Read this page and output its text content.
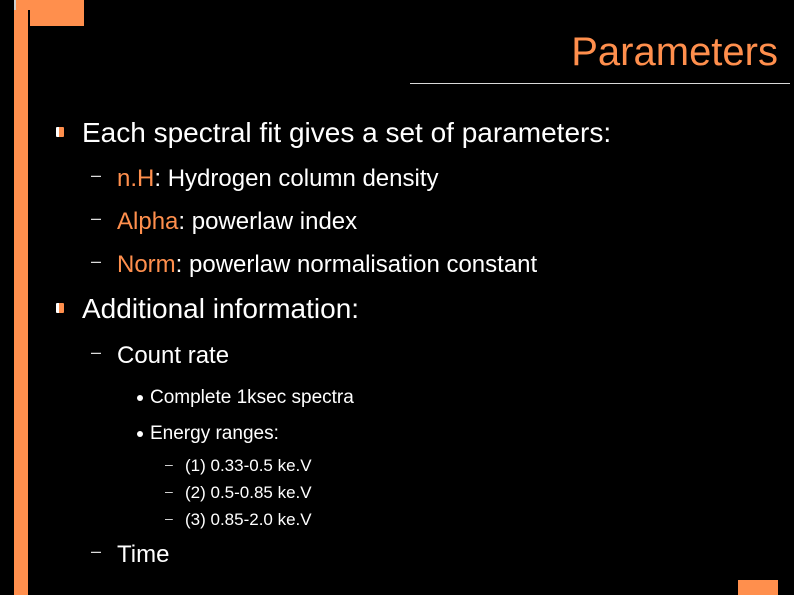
Parameters
Each spectral fit gives a set of parameters:
– n.H: Hydrogen column density
– Alpha: powerlaw index
– Norm: powerlaw normalisation constant
Additional information:
– Count rate
Complete 1ksec spectra
Energy ranges:
– (1) 0.33-0.5 ke.V
– (2) 0.5-0.85 ke.V
– (3) 0.85-2.0 ke.V
– Time
